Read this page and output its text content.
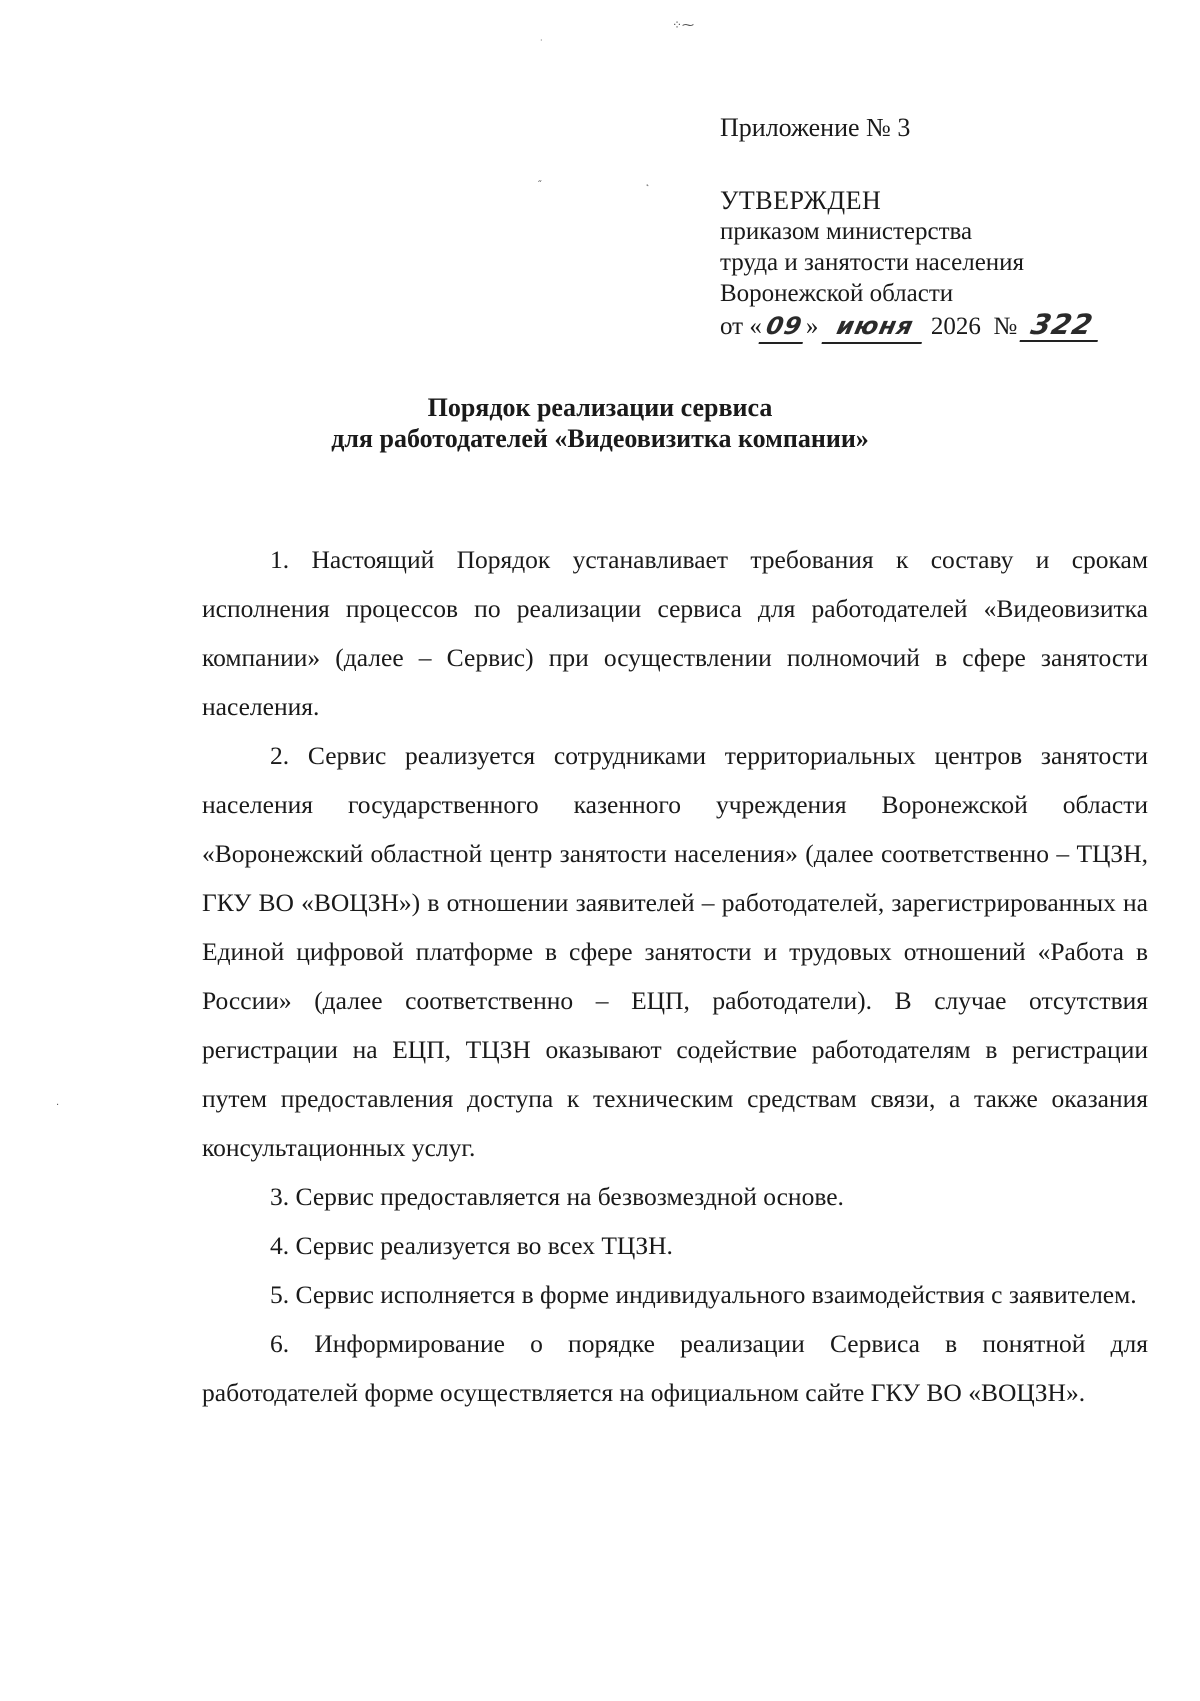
⁘⁓
·
˝	˛
·
Приложение № 3
УТВЕРЖДЕН
приказом министерства
труда и занятости населения
Воронежской области
от «09» июня 2026 № 322
Порядок реализации сервиса
для работодателей «Видеовизитка компании»

1. Настоящий Порядок устанавливает требования к составу и срокам исполнения процессов по реализации сервиса для работодателей «Видеовизитка компании» (далее – Сервис) при осуществлении полномочий в сфере занятости населения.

2. Сервис реализуется сотрудниками территориальных центров занятости населения государственного казенного учреждения Воронежской области «Воронежский областной центр занятости населения» (далее соответственно – ТЦЗН, ГКУ ВО «ВОЦЗН») в отношении заявителей – работодателей, зарегистрированных на Единой цифровой платформе в сфере занятости и трудовых отношений «Работа в России» (далее соответственно – ЕЦП, работодатели). В случае отсутствия регистрации на ЕЦП, ТЦЗН оказывают содействие работодателям в регистрации путем предоставления доступа к техническим средствам связи, а также оказания консультационных услуг.

3. Сервис предоставляется на безвозмездной основе.

4. Сервис реализуется во всех ТЦЗН.

5. Сервис исполняется в форме индивидуального взаимодействия с заявителем.

6. Информирование о порядке реализации Сервиса в понятной для работодателей форме осуществляется на официальном сайте ГКУ ВО «ВОЦЗН».
